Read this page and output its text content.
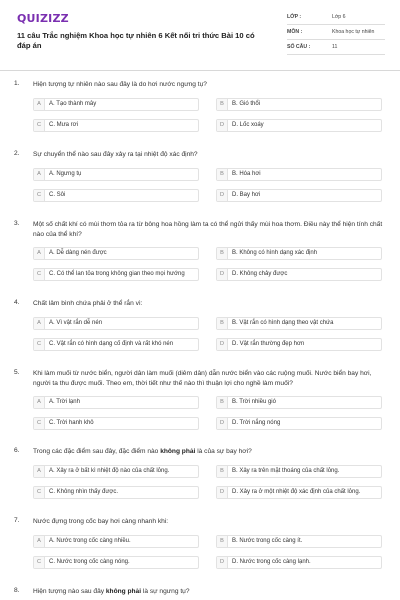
QUIZIZZ
11 câu Trắc nghiệm Khoa học tự nhiên 6 Kết nối tri thức Bài 10 có đáp án
LỚP :	Lớp 6
MÔN :	Khoa học tự nhiên
SỐ CÂU :	11
1. Hiện tượng tự nhiên nào sau đây là do hơi nước ngưng tụ?
A	A. Tạo thành mây	B	B. Gió thổi
C	C. Mưa rơi	D	D. Lốc xoáy
2. Sự chuyển thể nào sau đây xảy ra tại nhiệt độ xác định?
A	A. Ngưng tụ	B	B. Hóa hơi
C	C. Sôi	D	D. Bay hơi
3. Một số chất khí có mùi thơm tỏa ra từ bông hoa hồng làm ta có thể ngửi thấy mùi hoa thơm. Điều này thể hiện tính chất nào của thể khí?
A	A. Dễ dàng nén được	B	B. Không có hình dạng xác định
C	C. Có thể lan tỏa trong không gian theo mọi hướng	D	D. Không chảy được
4. Chất lâm bình chứa phải ở thể rắn vì:
A	A. Vì vật rắn dễ nén	B	B. Vật rắn có hình dạng theo vật chứa
C	C. Vật rắn có hình dạng cố định và rất khó nén	D	D. Vật rắn thường đẹp hơn
5. Khi làm muối từ nước biển, người dân làm muối (diêm dân) dẫn nước biển vào các ruộng muối. Nước biển bay hơi, người ta thu được muối. Theo em, thời tiết như thế nào thì thuận lợi cho nghề làm muối?
A	A. Trời lạnh	B	B. Trời nhiều gió
C	C. Trời hanh khô	D	D. Trời nắng nóng
6. Trong các đặc điểm sau đây, đặc điểm nào không phải là của sự bay hơi?
A	A. Xảy ra ở bất kì nhiệt độ nào của chất lỏng.	B	B. Xảy ra trên mặt thoáng của chất lỏng.
C	C. Không nhìn thấy được.	D	D. Xảy ra ở một nhiệt độ xác định của chất lỏng.
7. Nước đựng trong cốc bay hơi càng nhanh khi:
A	A. Nước trong cốc càng nhiều.	B	B. Nước trong cốc càng ít.
C	C. Nước trong cốc càng nóng.	D	D. Nước trong cốc càng lạnh.
8. Hiện tượng nào sau đây không phải là sự ngưng tụ?
